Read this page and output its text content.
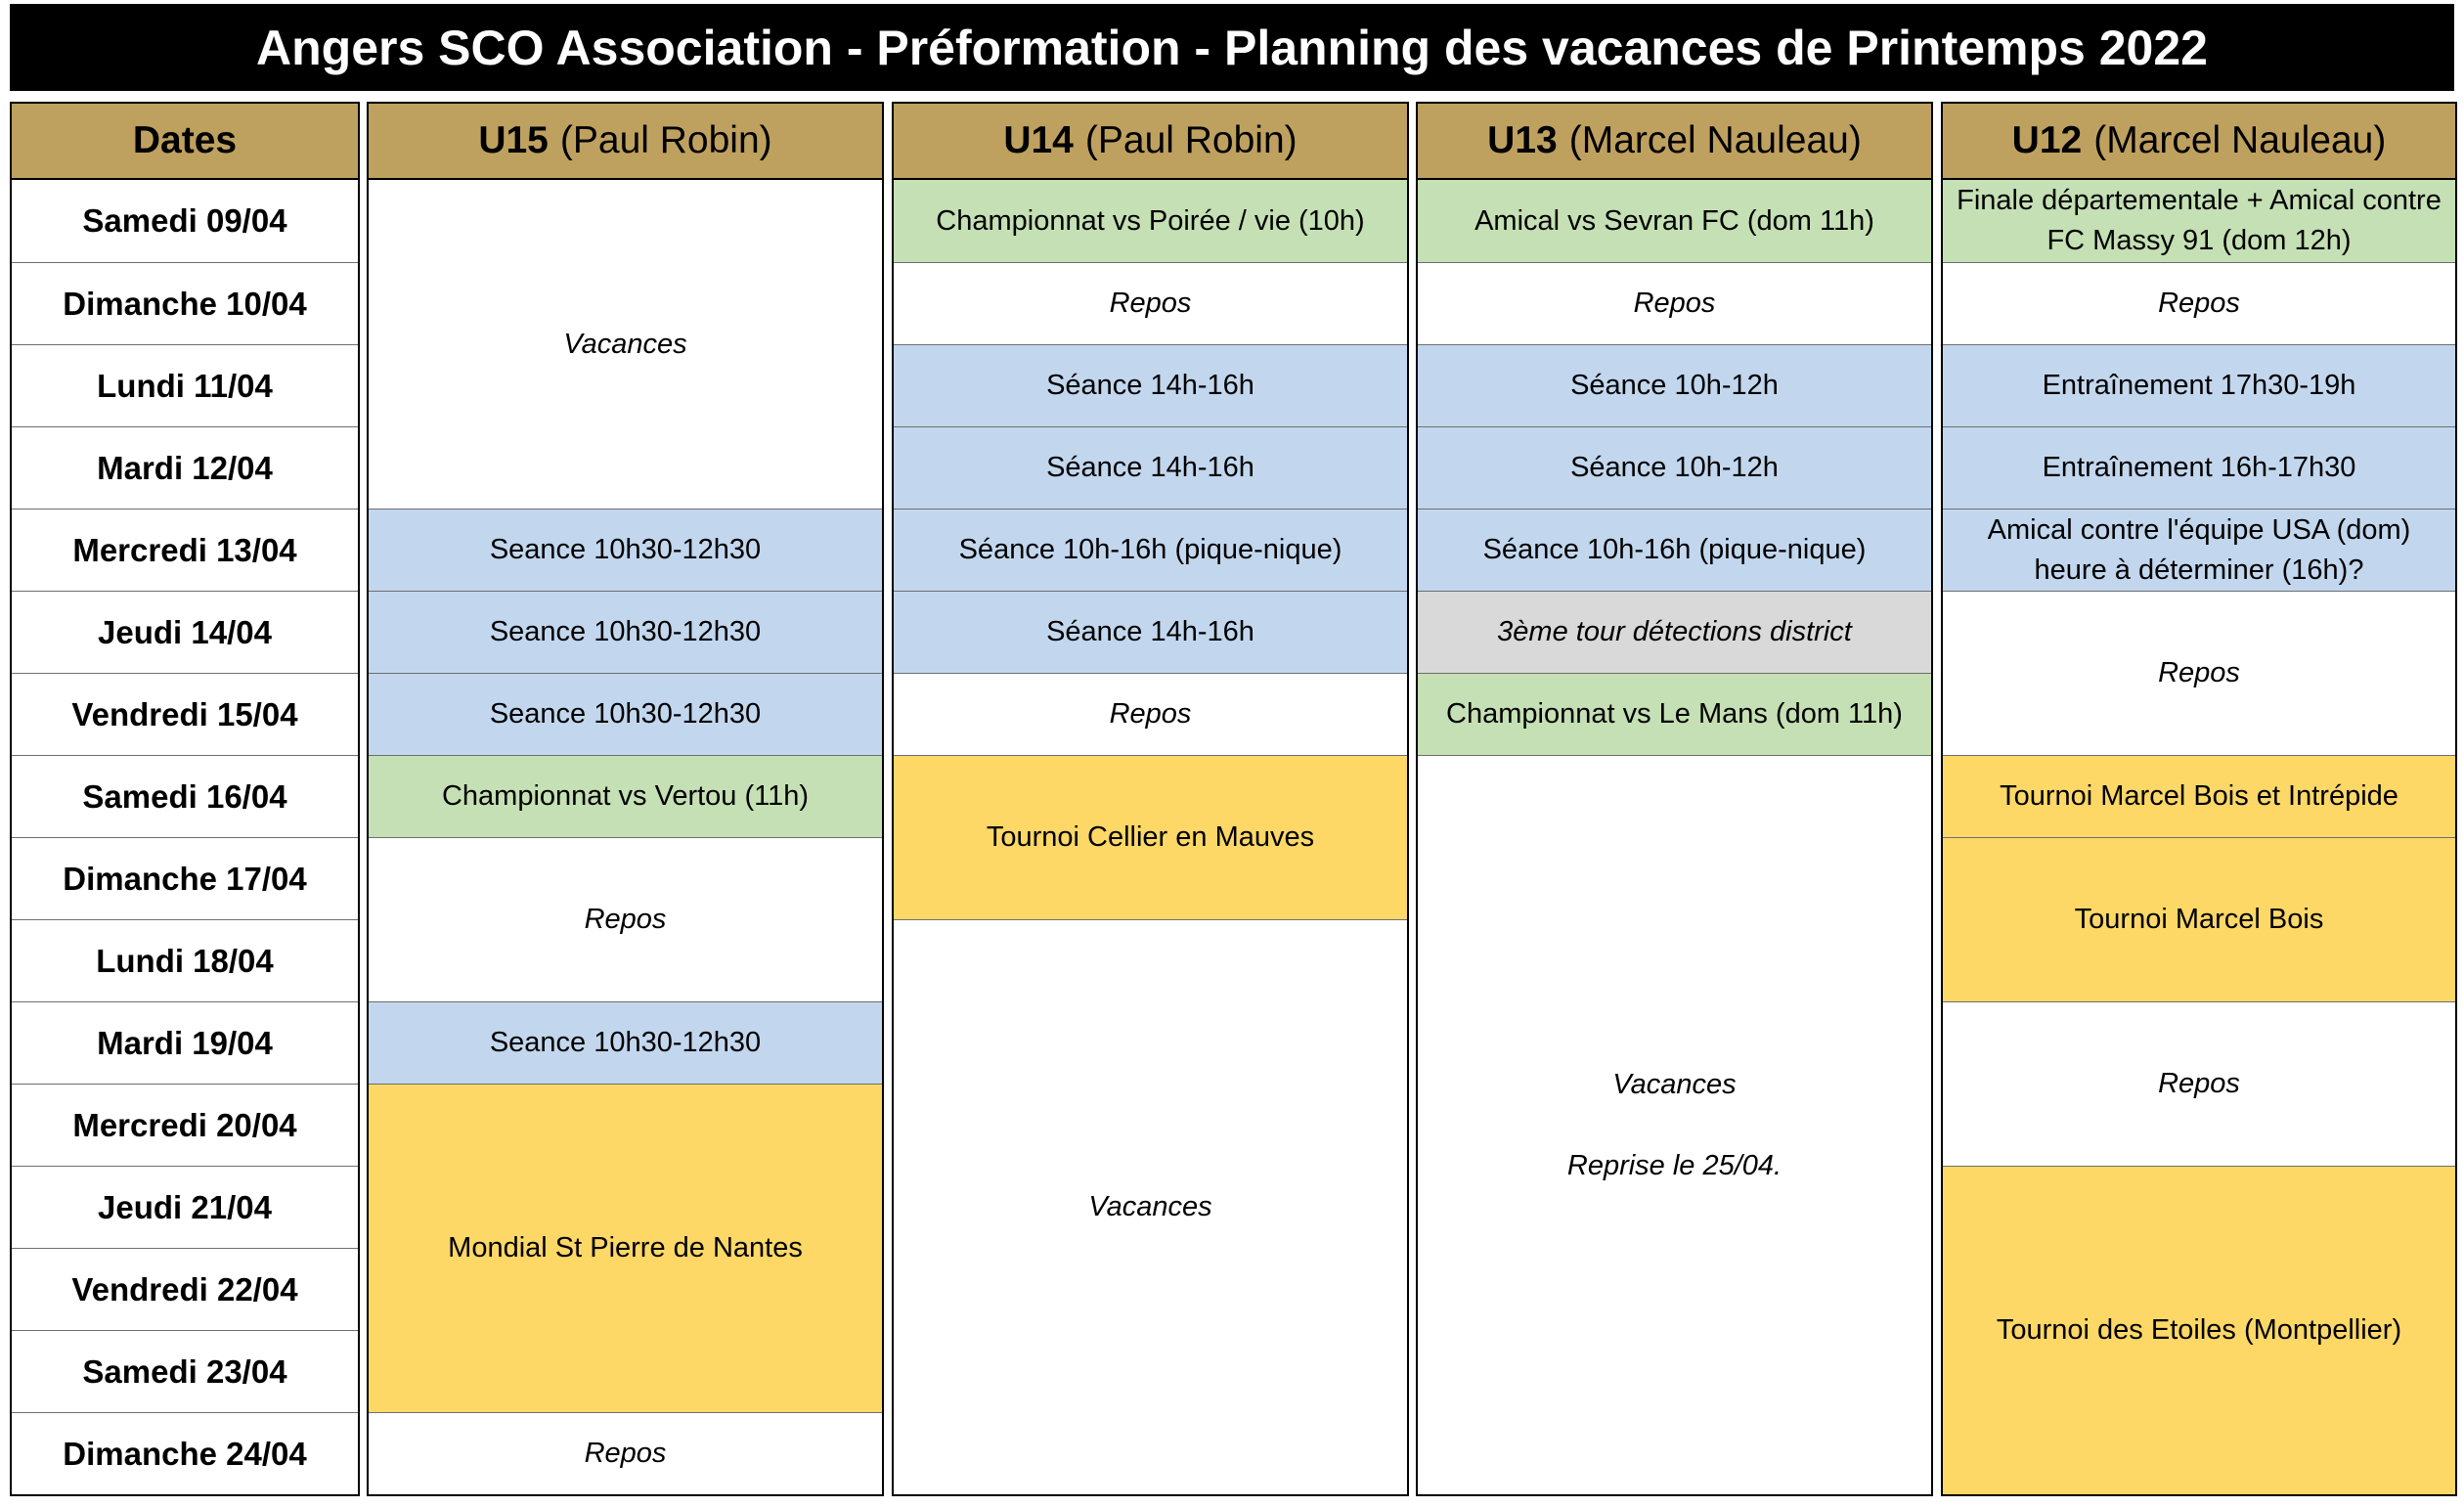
Angers SCO Association - Préformation - Planning des vacances de Printemps 2022
Dates
Samedi 09/04
Dimanche 10/04
Lundi 11/04
Mardi 12/04
Mercredi 13/04
Jeudi 14/04
Vendredi 15/04
Samedi 16/04
Dimanche 17/04
Lundi 18/04
Mardi 19/04
Mercredi 20/04
Jeudi 21/04
Vendredi 22/04
Samedi 23/04
Dimanche 24/04
U15 (Paul Robin)
Vacances
Seance 10h30-12h30
Seance 10h30-12h30
Seance 10h30-12h30
Championnat vs Vertou (11h)
Repos
Seance 10h30-12h30
Mondial St Pierre de Nantes
Repos
U14 (Paul Robin)
Championnat vs Poirée / vie (10h)
Repos
Séance 14h-16h
Séance 14h-16h
Séance 10h-16h (pique-nique)
Séance 14h-16h
Repos
Tournoi Cellier en Mauves
Vacances
U13 (Marcel Nauleau)
Amical vs Sevran FC (dom 11h)
Repos
Séance 10h-12h
Séance 10h-12h
Séance 10h-16h (pique-nique)
3ème tour détections district
Championnat vs Le Mans (dom 11h)
Vacances
Reprise le 25/04.
U12 (Marcel Nauleau)
Finale départementale + Amical contre
FC Massy 91 (dom 12h)
Repos
Entraînement 17h30-19h
Entraînement 16h-17h30
Amical contre l'équipe USA (dom)
heure à déterminer (16h)?
Repos
Tournoi Marcel Bois et Intrépide
Tournoi Marcel Bois
Repos
Tournoi des Etoiles (Montpellier)
